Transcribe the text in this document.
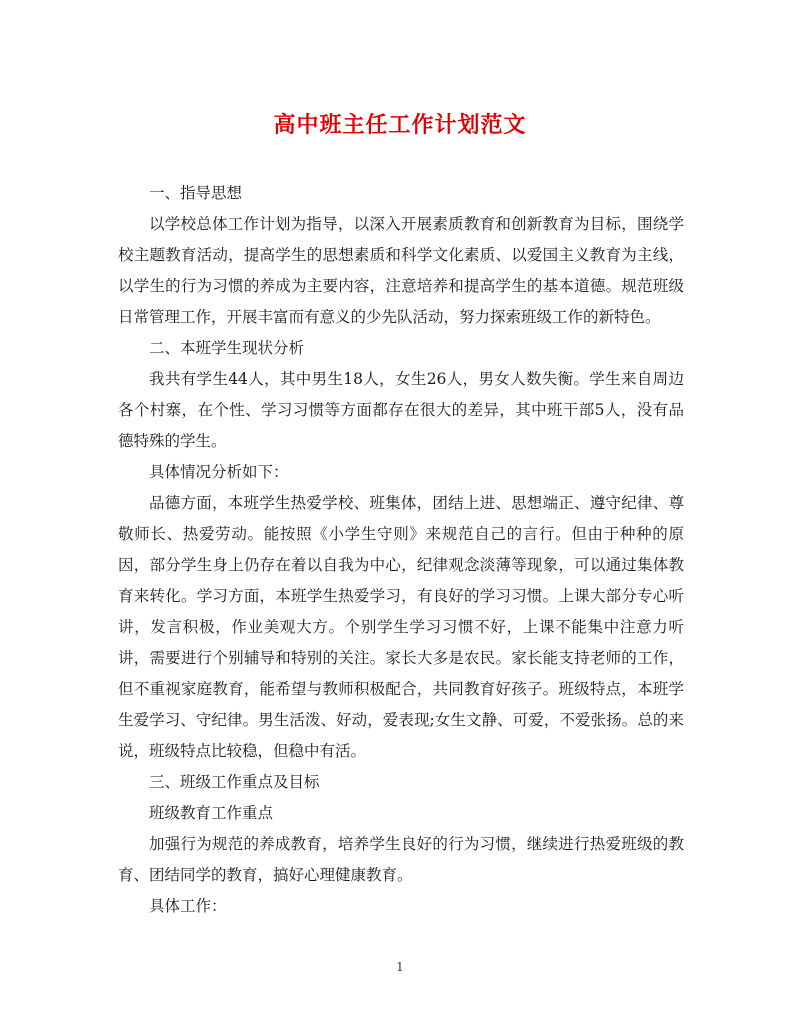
高中班主任工作计划范文

一、指导思想

以学校总体工作计划为指导，以深入开展素质教育和创新教育为目标，围绕学校主题教育活动，提高学生的思想素质和科学文化素质、以爱国主义教育为主线，以学生的行为习惯的养成为主要内容，注意培养和提高学生的基本道德。规范班级日常管理工作，开展丰富而有意义的少先队活动，努力探索班级工作的新特色。

二、本班学生现状分析

我共有学生44人，其中男生18人，女生26人，男女人数失衡。学生来自周边各个村寨，在个性、学习习惯等方面都存在很大的差异，其中班干部5人，没有品德特殊的学生。

具体情况分析如下：

品德方面，本班学生热爱学校、班集体，团结上进、思想端正、遵守纪律、尊敬师长、热爱劳动。能按照《小学生守则》来规范自己的言行。但由于种种的原因，部分学生身上仍存在着以自我为中心，纪律观念淡薄等现象，可以通过集体教育来转化。学习方面，本班学生热爱学习，有良好的学习习惯。上课大部分专心听讲，发言积极，作业美观大方。个别学生学习习惯不好，上课不能集中注意力听讲，需要进行个别辅导和特别的关注。家长大多是农民。家长能支持老师的工作，但不重视家庭教育，能希望与教师积极配合，共同教育好孩子。班级特点，本班学生爱学习、守纪律。男生活泼、好动，爱表现;女生文静、可爱，不爱张扬。总的来说，班级特点比较稳，但稳中有活。

三、班级工作重点及目标

班级教育工作重点

加强行为规范的养成教育，培养学生良好的行为习惯，继续进行热爱班级的教育、团结同学的教育，搞好心理健康教育。

具体工作：

1
